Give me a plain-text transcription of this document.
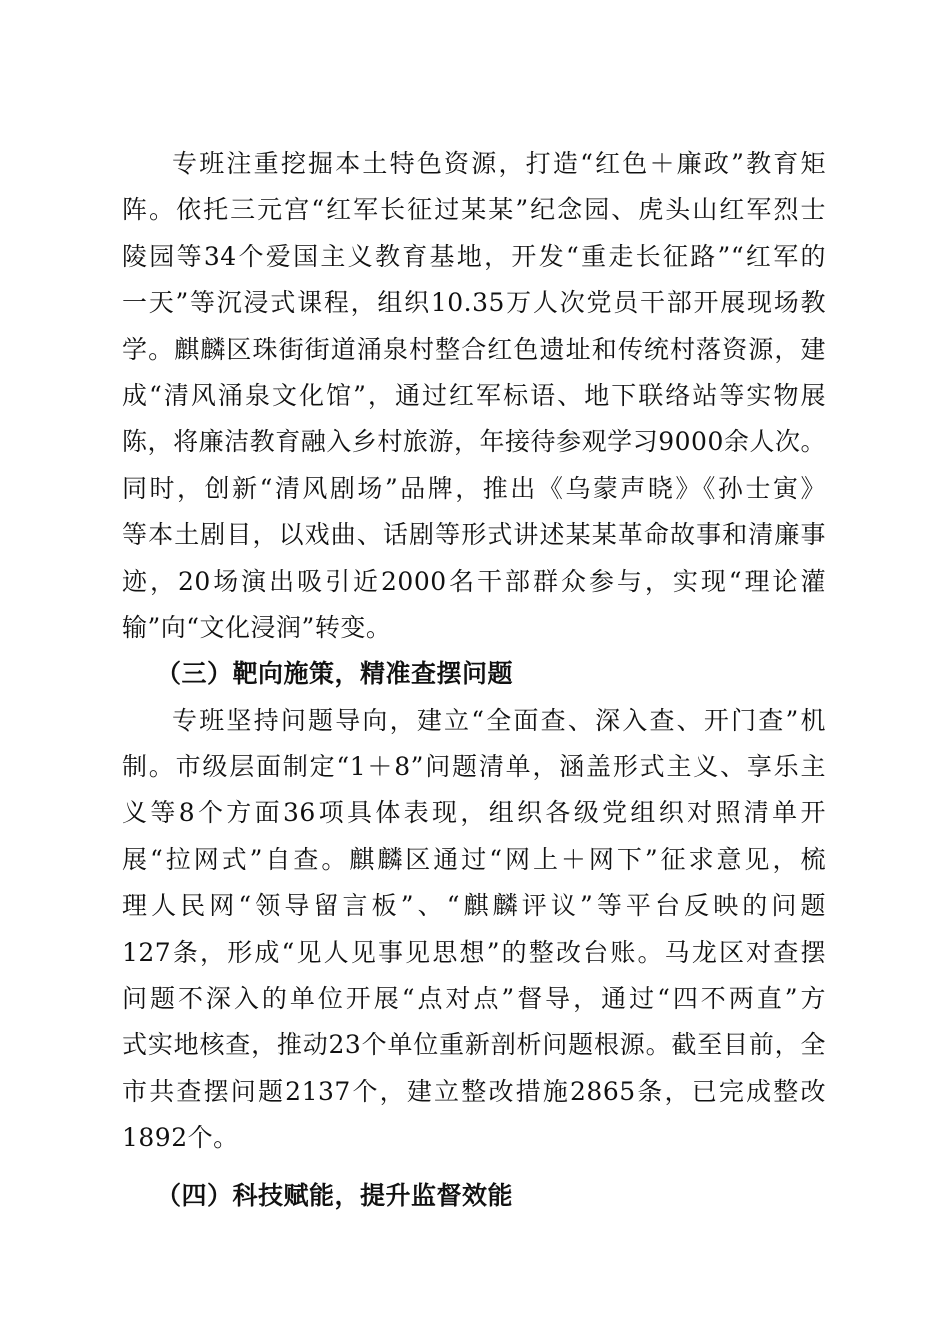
专班注重挖掘本土特色资源，打造“红色＋廉政”教育矩
阵。依托三元宫“红军长征过某某”纪念园、虎头山红军烈士
陵园等34个爱国主义教育基地，开发“重走长征路”“红军的
一天”等沉浸式课程，组织10.35万人次党员干部开展现场教
学。麒麟区珠街街道涌泉村整合红色遗址和传统村落资源，建
成“清风涌泉文化馆”，通过红军标语、地下联络站等实物展
陈，将廉洁教育融入乡村旅游，年接待参观学习9000余人次。
同时，创新“清风剧场”品牌，推出《乌蒙声晓》《孙士寅》
等本土剧目，以戏曲、话剧等形式讲述某某革命故事和清廉事
迹，20场演出吸引近2000名干部群众参与，实现“理论灌
输”向“文化浸润”转变。
（三）靶向施策，精准查摆问题
专班坚持问题导向，建立“全面查、深入查、开门查”机
制。市级层面制定“1＋8”问题清单，涵盖形式主义、享乐主
义等8个方面36项具体表现，组织各级党组织对照清单开
展“拉网式”自查。麒麟区通过“网上＋网下”征求意见，梳
理人民网“领导留言板”、“麒麟评议”等平台反映的问题
127条，形成“见人见事见思想”的整改台账。马龙区对查摆
问题不深入的单位开展“点对点”督导，通过“四不两直”方
式实地核查，推动23个单位重新剖析问题根源。截至目前，全
市共查摆问题2137个，建立整改措施2865条，已完成整改
1892个。
（四）科技赋能，提升监督效能
